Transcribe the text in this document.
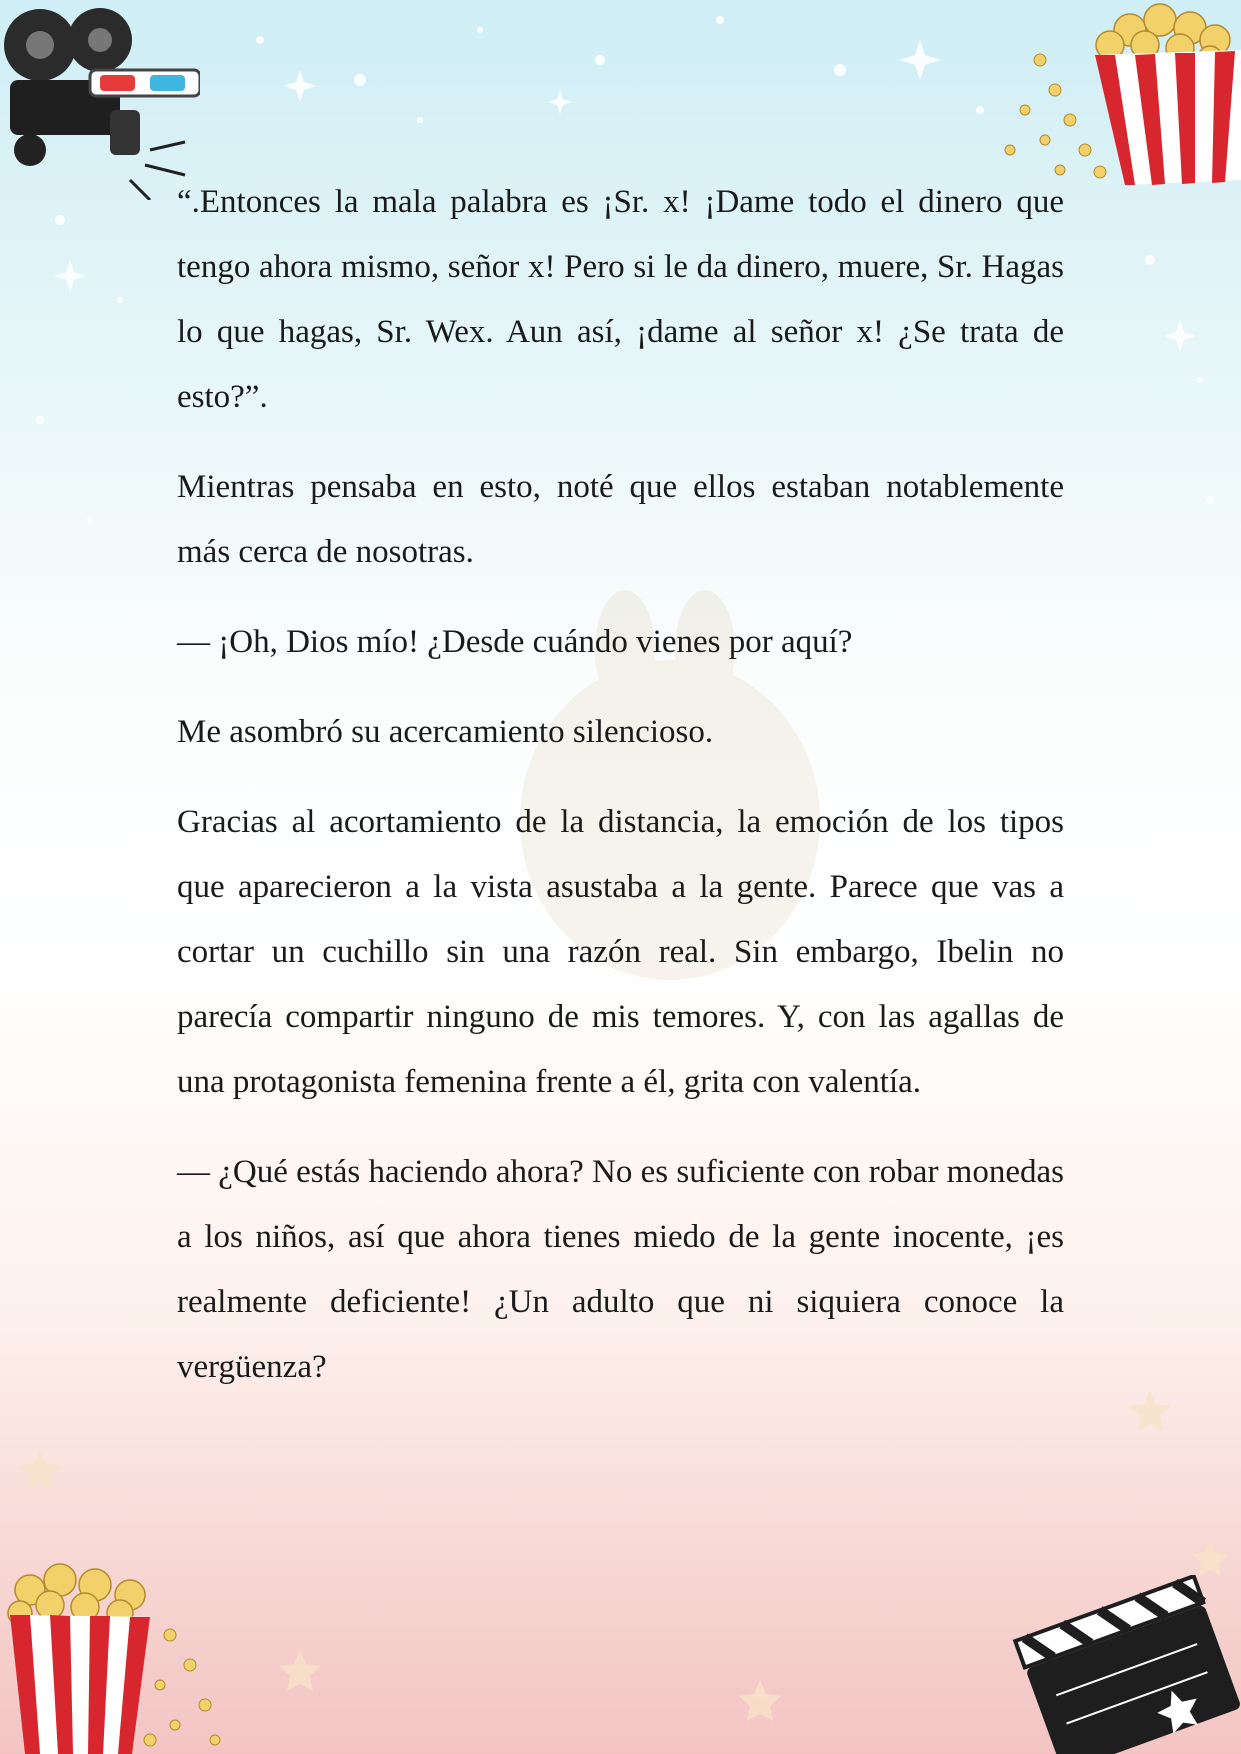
“.Entonces la mala palabra es ¡Sr. x! ¡Dame todo el dinero que tengo ahora mismo, señor x! Pero si le da dinero, muere, Sr. Hagas lo que hagas, Sr. Wex. Aun así, ¡dame al señor x! ¿Se trata de esto?”.

Mientras pensaba en esto, noté que ellos estaban notablemente más cerca de nosotras.

— ¡Oh, Dios mío! ¿Desde cuándo vienes por aquí?

Me asombró su acercamiento silencioso.

Gracias al acortamiento de la distancia, la emoción de los tipos que aparecieron a la vista asustaba a la gente. Parece que vas a cortar un cuchillo sin una razón real. Sin embargo, Ibelin no parecía compartir ninguno de mis temores. Y, con las agallas de una protagonista femenina frente a él, grita con valentía.

— ¿Qué estás haciendo ahora? No es suficiente con robar monedas a los niños, así que ahora tienes miedo de la gente inocente, ¡es realmente deficiente! ¿Un adulto que ni siquiera conoce la vergüenza?
